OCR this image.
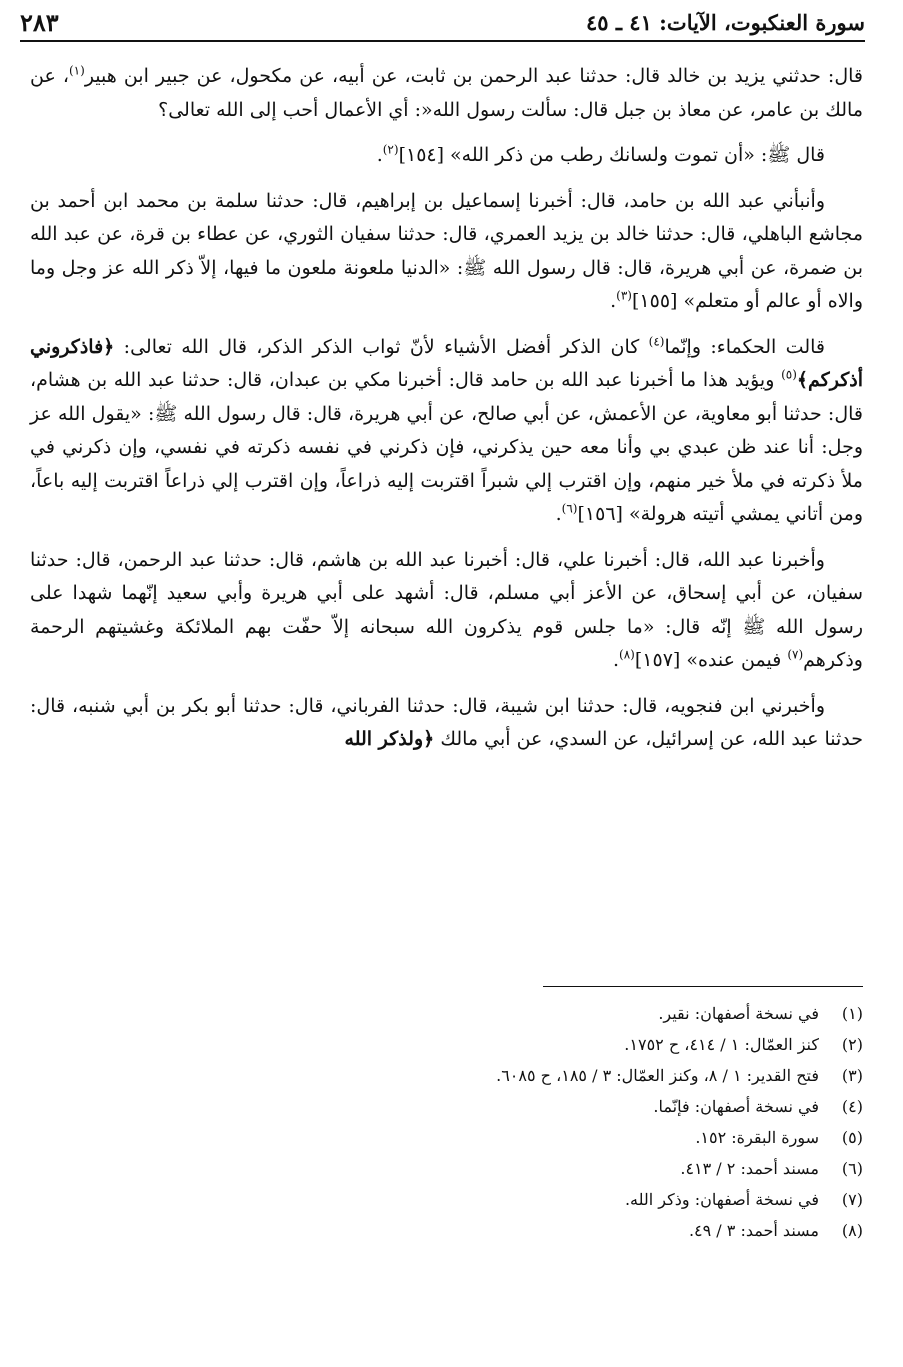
سورة العنكبوت، الآيات: ٤١ ـ ٤٥
٢٨٣

قال: حدثني يزيد بن خالد قال: حدثنا عبد الرحمن بن ثابت، عن أبيه، عن مكحول، عن جبير ابن هبير$^{(١)}$، عن مالك بن عامر، عن معاذ بن جبل قال: سألت رسول الله«: أي الأعمال أحب إلى الله تعالى؟

قال ﷺ: «أن تموت ولسانك رطب من ذكر الله» [١٥٤]$^{(٢)}$.

وأنبأني عبد الله بن حامد، قال: أخبرنا إسماعيل بن إبراهيم، قال: حدثنا سلمة بن محمد ابن أحمد بن مجاشع الباهلي، قال: حدثنا خالد بن يزيد العمري، قال: حدثنا سفيان الثوري، عن عطاء بن قرة، عن عبد الله بن ضمرة، عن أبي هريرة، قال: قال رسول الله ﷺ: «الدنيا ملعونة ملعون ما فيها، إلاّ ذكر الله عز وجل وما والاه أو عالم أو متعلم» [١٥٥]$^{(٣)}$.

قالت الحكماء: وإنّما$^{(٤)}$ كان الذكر أفضل الأشياء لأنّ ثواب الذكر الذكر، قال الله تعالى: ﴿فاذكروني أذكركم﴾$^{(٥)}$ ويؤيد هذا ما أخبرنا عبد الله بن حامد قال: أخبرنا مكي بن عبدان، قال: حدثنا عبد الله بن هشام، قال: حدثنا أبو معاوية، عن الأعمش، عن أبي صالح، عن أبي هريرة، قال: قال رسول الله ﷺ: «يقول الله عز وجل: أنا عند ظن عبدي بي وأنا معه حين يذكرني، فإن ذكرني في نفسه ذكرته في نفسي، وإن ذكرني في ملأ ذكرته في ملأ خير منهم، وإن اقترب إلي شبراً اقتربت إليه ذراعاً، وإن اقترب إلي ذراعاً اقتربت إليه باعاً، ومن أتاني يمشي أتيته هرولة» [١٥٦]$^{(٦)}$.

وأخبرنا عبد الله، قال: أخبرنا علي، قال: أخبرنا عبد الله بن هاشم، قال: حدثنا عبد الرحمن، قال: حدثنا سفيان، عن أبي إسحاق، عن الأعز أبي مسلم، قال: أشهد على أبي هريرة وأبي سعيد إنّهما شهدا على رسول الله ﷺ إنّه قال: «ما جلس قوم يذكرون الله سبحانه إلاّ حفّت بهم الملائكة وغشيتهم الرحمة وذكرهم$^{(٧)}$ فيمن عنده» [١٥٧]$^{(٨)}$.

وأخبرني ابن فنجويه، قال: حدثنا ابن شيبة، قال: حدثنا الفرباني، قال: حدثنا أبو بكر بن أبي شنبه، قال: حدثنا عبد الله، عن إسرائيل، عن السدي، عن أبي مالك ﴿ولذكر الله

(١)
في نسخة أصفهان: نقير.
(٢)
كنز العمّال: ١ / ٤١٤، ح ١٧٥٢.
(٣)
فتح القدير: ١ / ٨، وكنز العمّال: ٣ / ١٨٥، ح ٦٠٨٥.
(٤)
في نسخة أصفهان: فإنّما.
(٥)
سورة البقرة: ١٥٢.
(٦)
مسند أحمد: ٢ / ٤١٣.
(٧)
في نسخة أصفهان: وذكر الله.
(٨)
مسند أحمد: ٣ / ٤٩.
